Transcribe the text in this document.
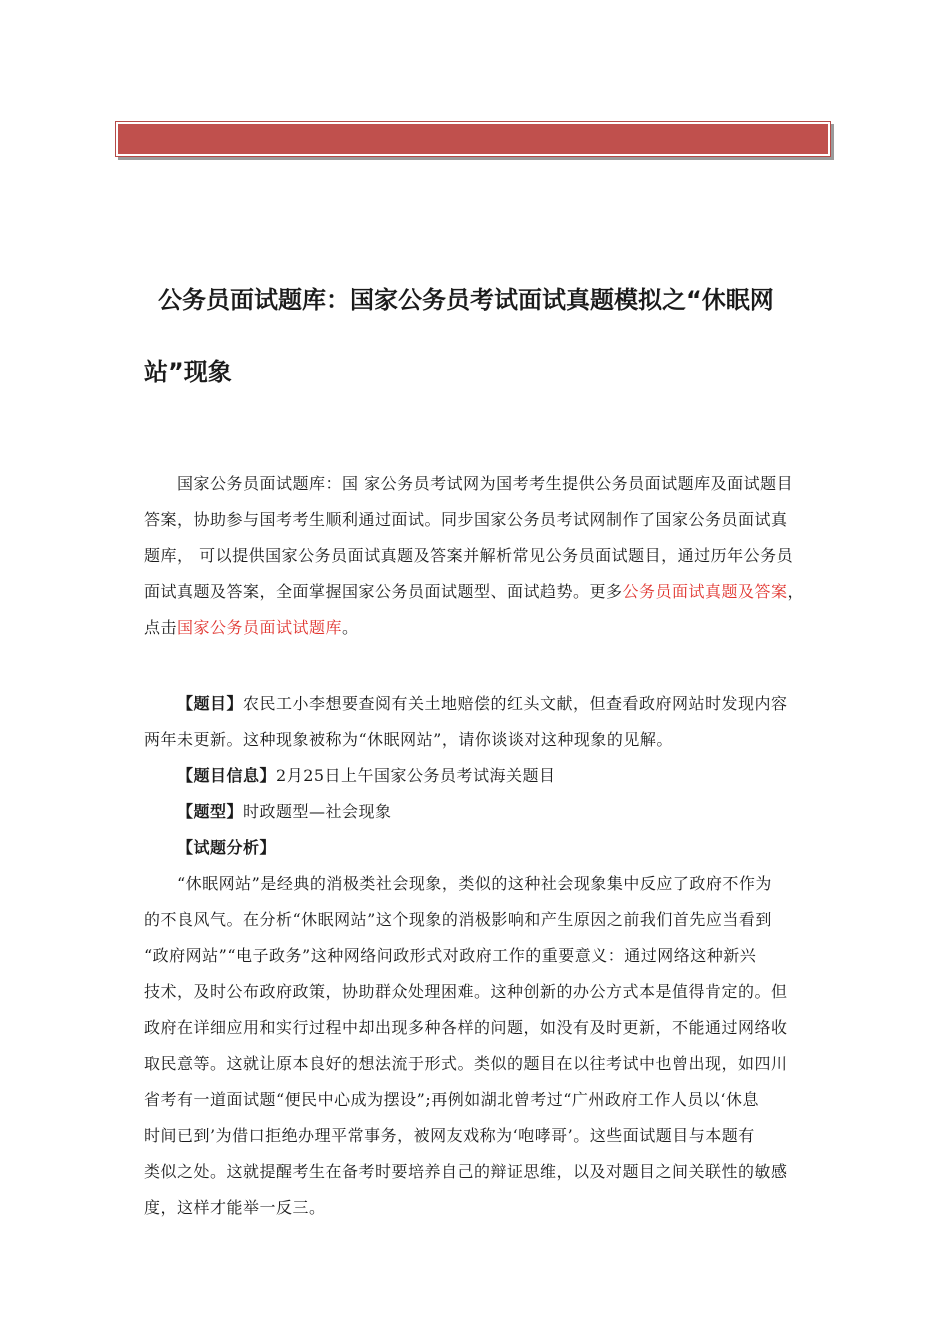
公务员面试题库：国家公务员考试面试真题模拟之“休眠网
站”现象
国家公务员面试题库：国 家公务员考试网为国考考生提供公务员面试题库及面试题目
答案，协助参与国考考生顺利通过面试。同步国家公务员考试网制作了国家公务员面试真
题库， 可以提供国家公务员面试真题及答案并解析常见公务员面试题目，通过历年公务员
面试真题及答案，全面掌握国家公务员面试题型、面试趋势。更多公务员面试真题及答案，
点击国家公务员面试试题库。
【题目】农民工小李想要查阅有关土地赔偿的红头文献，但查看政府网站时发现内容
两年未更新。这种现象被称为“休眠网站”，请你谈谈对这种现象的见解。
【题目信息】2月25日上午国家公务员考试海关题目
【题型】时政题型—社会现象
【试题分析】
“休眠网站”是经典的消极类社会现象，类似的这种社会现象集中反应了政府不作为
的不良风气。在分析“休眠网站”这个现象的消极影响和产生原因之前我们首先应当看到
“政府网站”“电子政务”这种网络问政形式对政府工作的重要意义：通过网络这种新兴
技术，及时公布政府政策，协助群众处理困难。这种创新的办公方式本是值得肯定的。但
政府在详细应用和实行过程中却出现多种各样的问题，如没有及时更新，不能通过网络收
取民意等。这就让原本良好的想法流于形式。类似的题目在以往考试中也曾出现，如四川
省考有一道面试题“便民中心成为摆设”;再例如湖北曾考过“广州政府工作人员以‘休息
时间已到’为借口拒绝办理平常事务，被网友戏称为‘咆哮哥’。这些面试题目与本题有
类似之处。这就提醒考生在备考时要培养自己的辩证思维，以及对题目之间关联性的敏感
度，这样才能举一反三。
